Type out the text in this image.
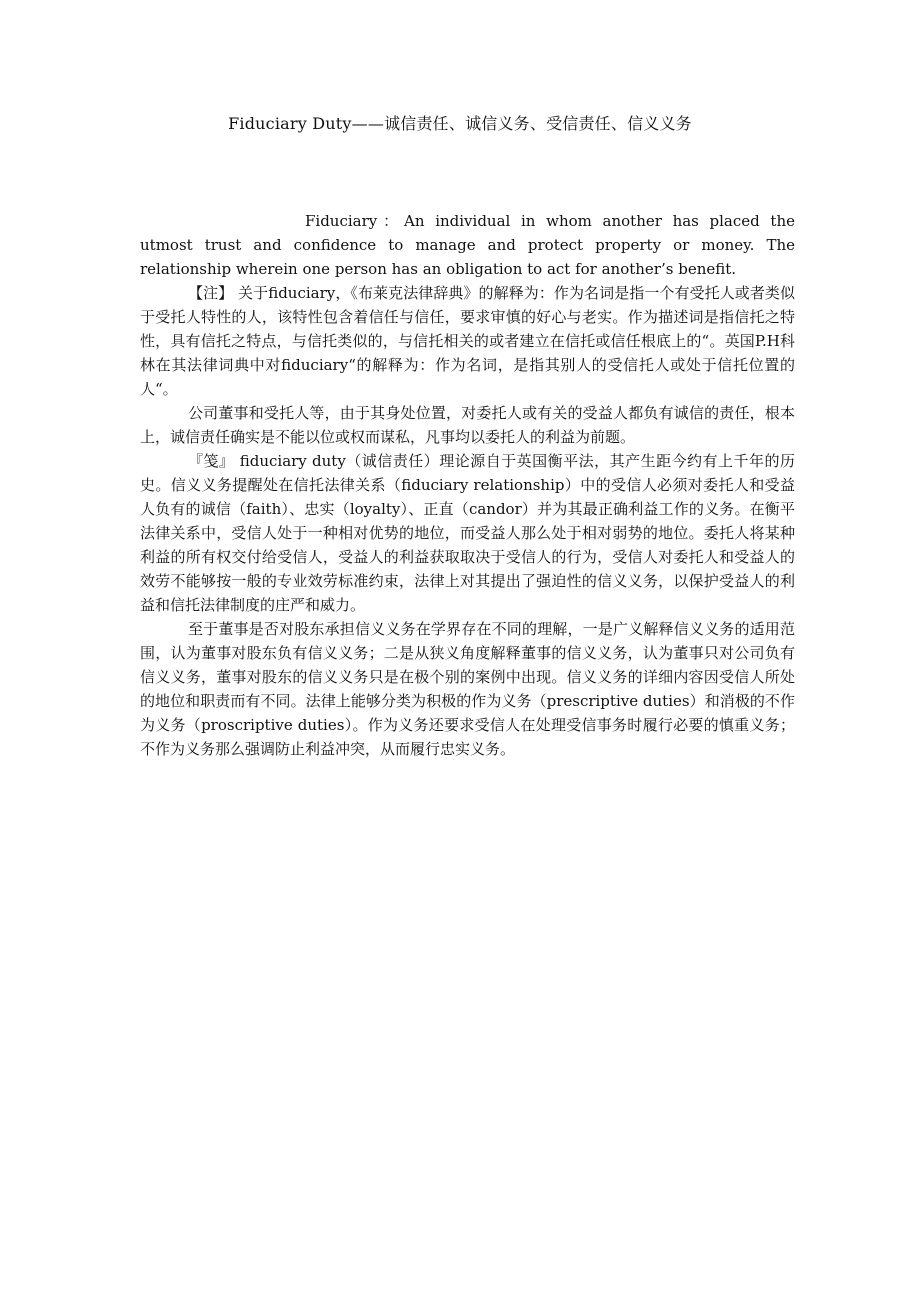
Fiduciary Duty——诚信责任、诚信义务、受信责任、信义义务

Fiduciary：An individual in whom another has placed the utmost trust and confidence to manage and protect property or money. The relationship wherein one person has an obligation to act for another’s benefit.

【注】 关于fiduciary，《布莱克法律辞典》的解释为：作为名词是指一个有受托人或者类似于受托人特性的人，该特性包含着信任与信任，要求审慎的好心与老实。作为描述词是指信托之特性，具有信托之特点，与信托类似的，与信托相关的或者建立在信托或信任根底上的“。英国P.H科林在其法律词典中对fiduciary“的解释为：作为名词，是指其别人的受信托人或处于信托位置的人“。

公司董事和受托人等，由于其身处位置，对委托人或有关的受益人都负有诚信的责任，根本上，诚信责任确实是不能以位或权而谋私，凡事均以委托人的利益为前题。

『笺』 fiduciary duty（诚信责任）理论源自于英国衡平法，其产生距今约有上千年的历史。信义义务提醒处在信托法律关系（fiduciary relationship）中的受信人必须对委托人和受益人负有的诚信（faith）、忠实（loyalty）、正直（candor）并为其最正确利益工作的义务。在衡平法律关系中，受信人处于一种相对优势的地位，而受益人那么处于相对弱势的地位。委托人将某种利益的所有权交付给受信人，受益人的利益获取取决于受信人的行为，受信人对委托人和受益人的效劳不能够按一般的专业效劳标准约束，法律上对其提出了强迫性的信义义务，以保护受益人的利益和信托法律制度的庄严和威力。

至于董事是否对股东承担信义义务在学界存在不同的理解，一是广义解释信义义务的适用范围，认为董事对股东负有信义义务；二是从狭义角度解释董事的信义义务，认为董事只对公司负有信义义务，董事对股东的信义义务只是在极个别的案例中出现。信义义务的详细内容因受信人所处的地位和职责而有不同。法律上能够分类为积极的作为义务（prescriptive duties）和消极的不作为义务（proscriptive duties）。作为义务还要求受信人在处理受信事务时履行必要的慎重义务；不作为义务那么强调防止利益冲突，从而履行忠实义务。
